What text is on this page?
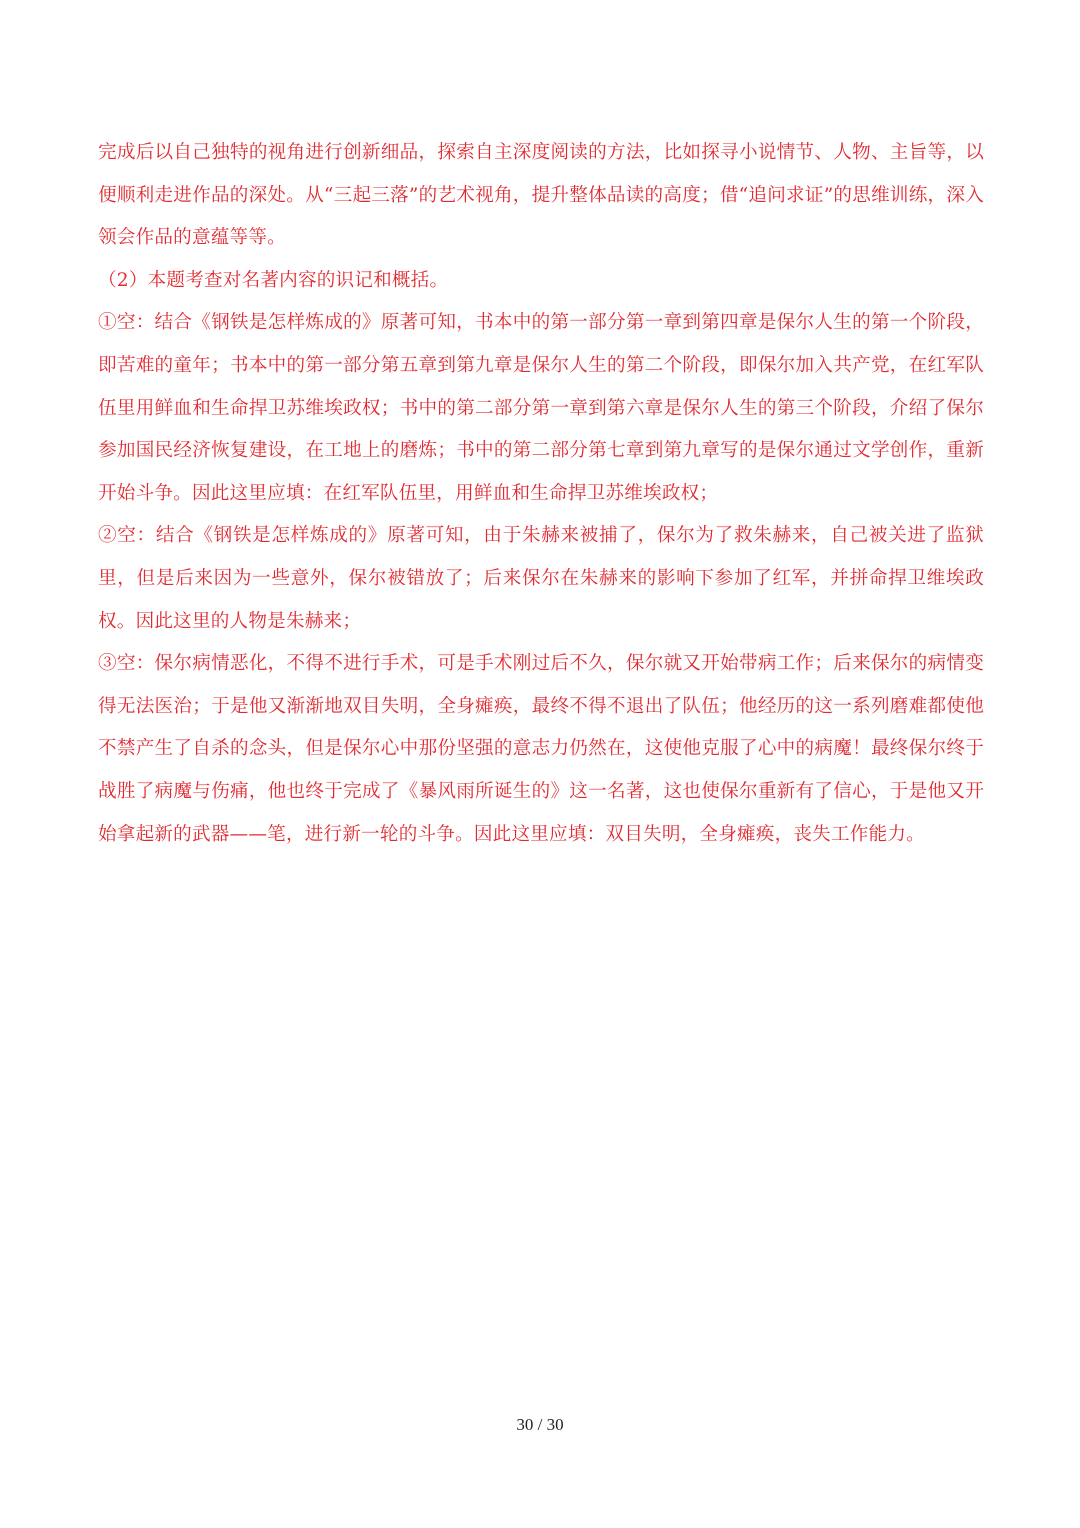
完成后以自己独特的视角进行创新细品，探索自主深度阅读的方法，比如探寻小说情节、人物、主旨等，以便顺利走进作品的深处。从“三起三落”的艺术视角，提升整体品读的高度；借“追问求证”的思维训练，深入领会作品的意蕴等等。

（2）本题考查对名著内容的识记和概括。

①空：结合《钢铁是怎样炼成的》原著可知，书本中的第一部分第一章到第四章是保尔人生的第一个阶段，即苦难的童年；书本中的第一部分第五章到第九章是保尔人生的第二个阶段，即保尔加入共产党，在红军队伍里用鲜血和生命捍卫苏维埃政权；书中的第二部分第一章到第六章是保尔人生的第三个阶段，介绍了保尔参加国民经济恢复建设，在工地上的磨炼；书中的第二部分第七章到第九章写的是保尔通过文学创作，重新开始斗争。因此这里应填：在红军队伍里，用鲜血和生命捍卫苏维埃政权；

②空：结合《钢铁是怎样炼成的》原著可知，由于朱赫来被捕了，保尔为了救朱赫来，自己被关进了监狱里，但是后来因为一些意外，保尔被错放了；后来保尔在朱赫来的影响下参加了红军，并拼命捍卫维埃政权。因此这里的人物是朱赫来；

③空：保尔病情恶化，不得不进行手术，可是手术刚过后不久，保尔就又开始带病工作；后来保尔的病情变得无法医治；于是他又渐渐地双目失明，全身瘫痪，最终不得不退出了队伍；他经历的这一系列磨难都使他不禁产生了自杀的念头，但是保尔心中那份坚强的意志力仍然在，这使他克服了心中的病魔！最终保尔终于战胜了病魔与伤痛，他也终于完成了《暴风雨所诞生的》这一名著，这也使保尔重新有了信心，于是他又开始拿起新的武器——笔，进行新一轮的斗争。因此这里应填：双目失明，全身瘫痪，丧失工作能力。

30 / 30
